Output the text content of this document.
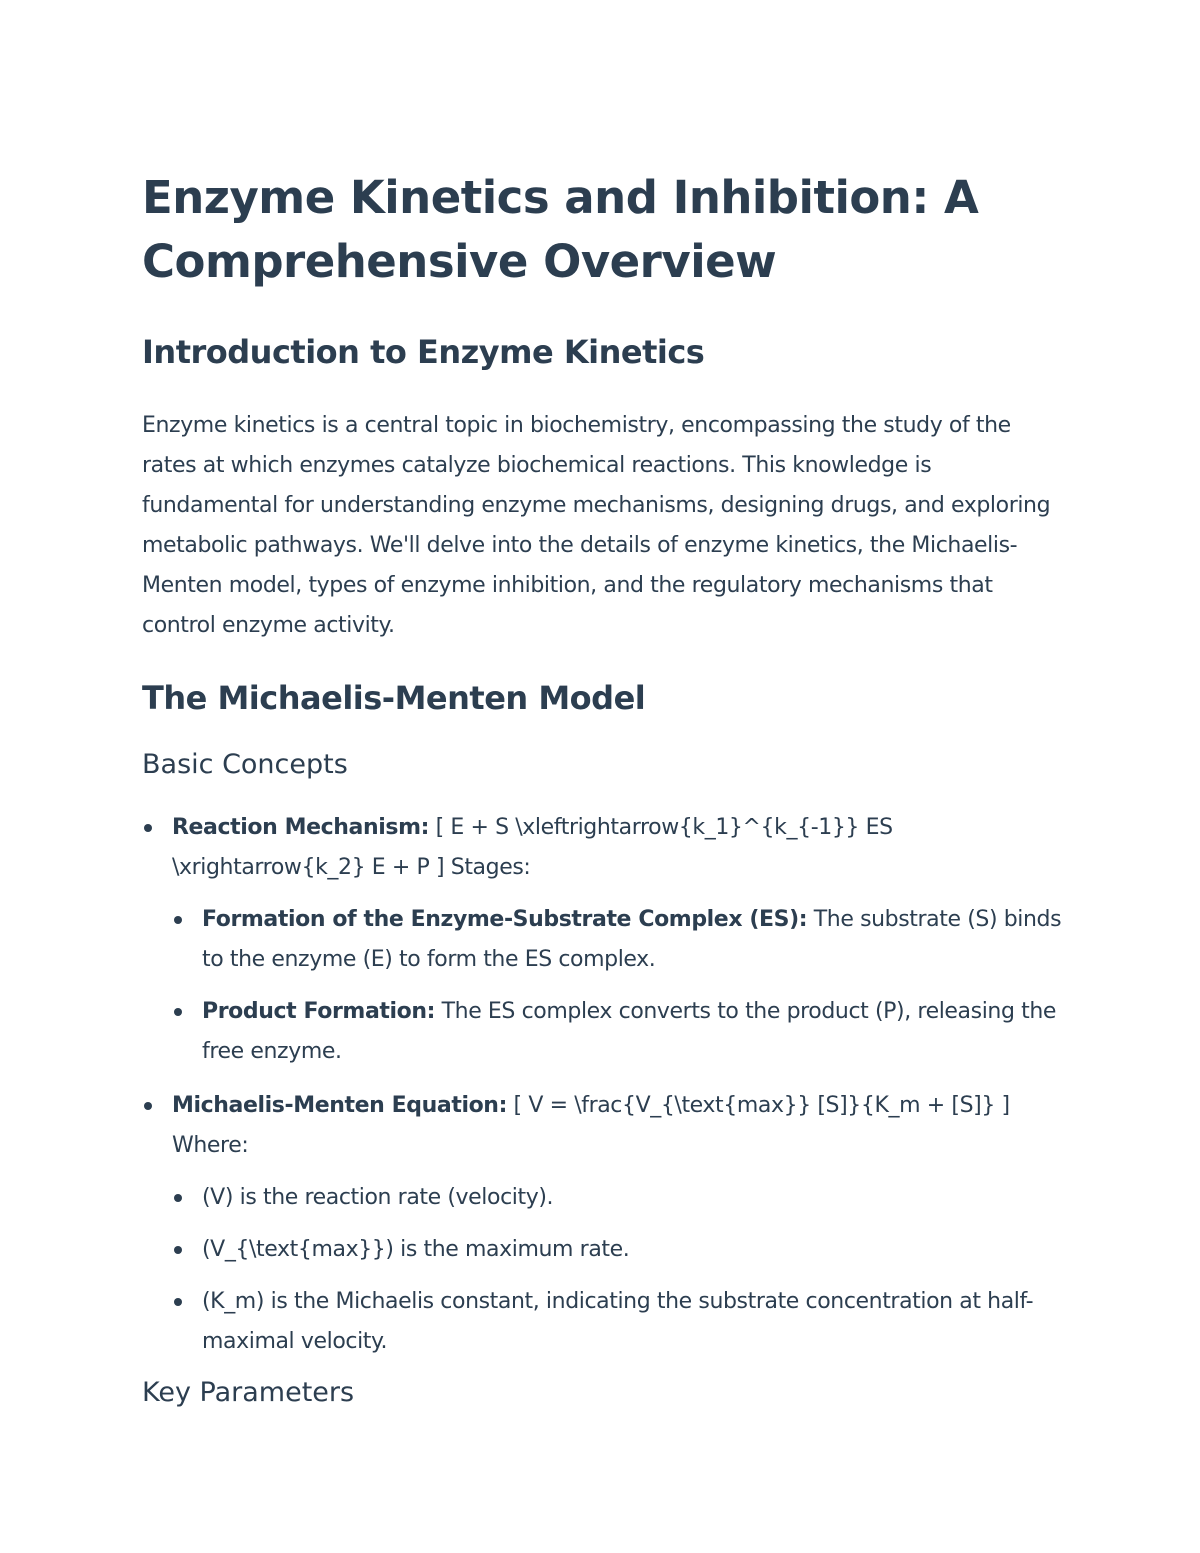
Enzyme Kinetics and Inhibition: A Comprehensive Overview
Introduction to Enzyme Kinetics

Enzyme kinetics is a central topic in biochemistry, encompassing the study of the rates at which enzymes catalyze biochemical reactions. This knowledge is fundamental for understanding enzyme mechanisms, designing drugs, and exploring metabolic pathways. We'll delve into the details of enzyme kinetics, the Michaelis-Menten model, types of enzyme inhibition, and the regulatory mechanisms that control enzyme activity.

The Michaelis-Menten Model
Basic Concepts
Reaction Mechanism: [ E + S \xleftrightarrow{k_1}^{k_{-1}} ES \xrightarrow{k_2} E + P ] Stages:
Formation of the Enzyme-Substrate Complex (ES): The substrate (S) binds to the enzyme (E) to form the ES complex.
Product Formation: The ES complex converts to the product (P), releasing the free enzyme.
Michaelis-Menten Equation: [ V = \frac{V_{\text{max}} [S]}{K_m + [S]} ] Where:
(V) is the reaction rate (velocity).
(V_{\text{max}}) is the maximum rate.
(K_m) is the Michaelis constant, indicating the substrate concentration at half-maximal velocity.
Key Parameters
